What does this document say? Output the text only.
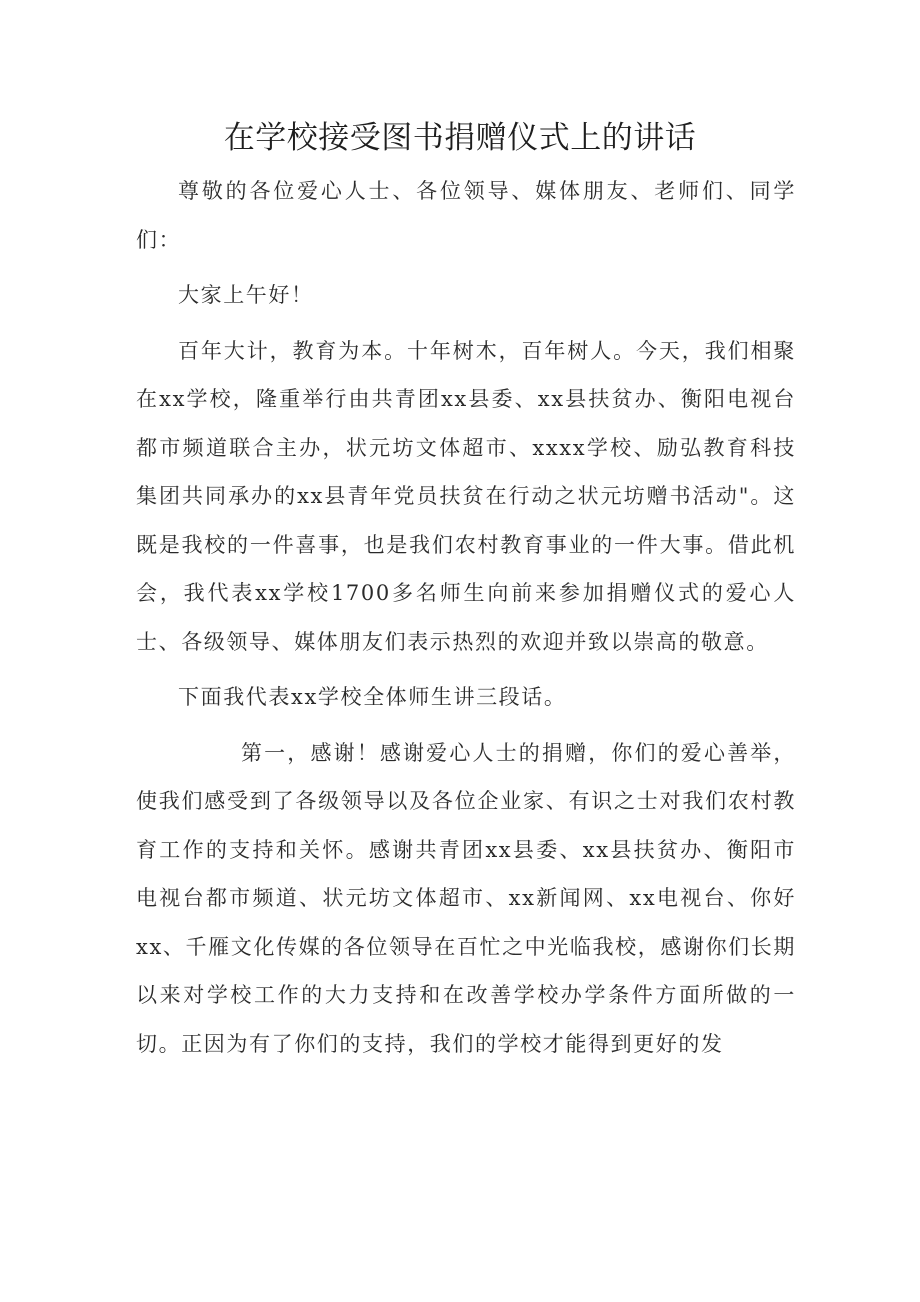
在学校接受图书捐赠仪式上的讲话

尊敬的各位爱心人士、各位领导、媒体朋友、老师们、同学们：

大家上午好！

百年大计，教育为本。十年树木，百年树人。今天，我们相聚在xx学校，隆重举行由共青团xx县委、xx县扶贫办、衡阳电视台都市频道联合主办，状元坊文体超市、xxxx学校、励弘教育科技集团共同承办的xx县青年党员扶贫在行动之状元坊赠书活动"。这既是我校的一件喜事，也是我们农村教育事业的一件大事。借此机会，我代表xx学校1700多名师生向前来参加捐赠仪式的爱心人士、各级领导、媒体朋友们表示热烈的欢迎并致以崇高的敬意。

下面我代表xx学校全体师生讲三段话。

第一，感谢！感谢爱心人士的捐赠，你们的爱心善举，使我们感受到了各级领导以及各位企业家、有识之士对我们农村教育工作的支持和关怀。感谢共青团xx县委、xx县扶贫办、衡阳市电视台都市频道、状元坊文体超市、xx新闻网、xx电视台、你好xx、千雁文化传媒的各位领导在百忙之中光临我校，感谢你们长期以来对学校工作的大力支持和在改善学校办学条件方面所做的一切。正因为有了你们的支持，我们的学校才能得到更好的发
